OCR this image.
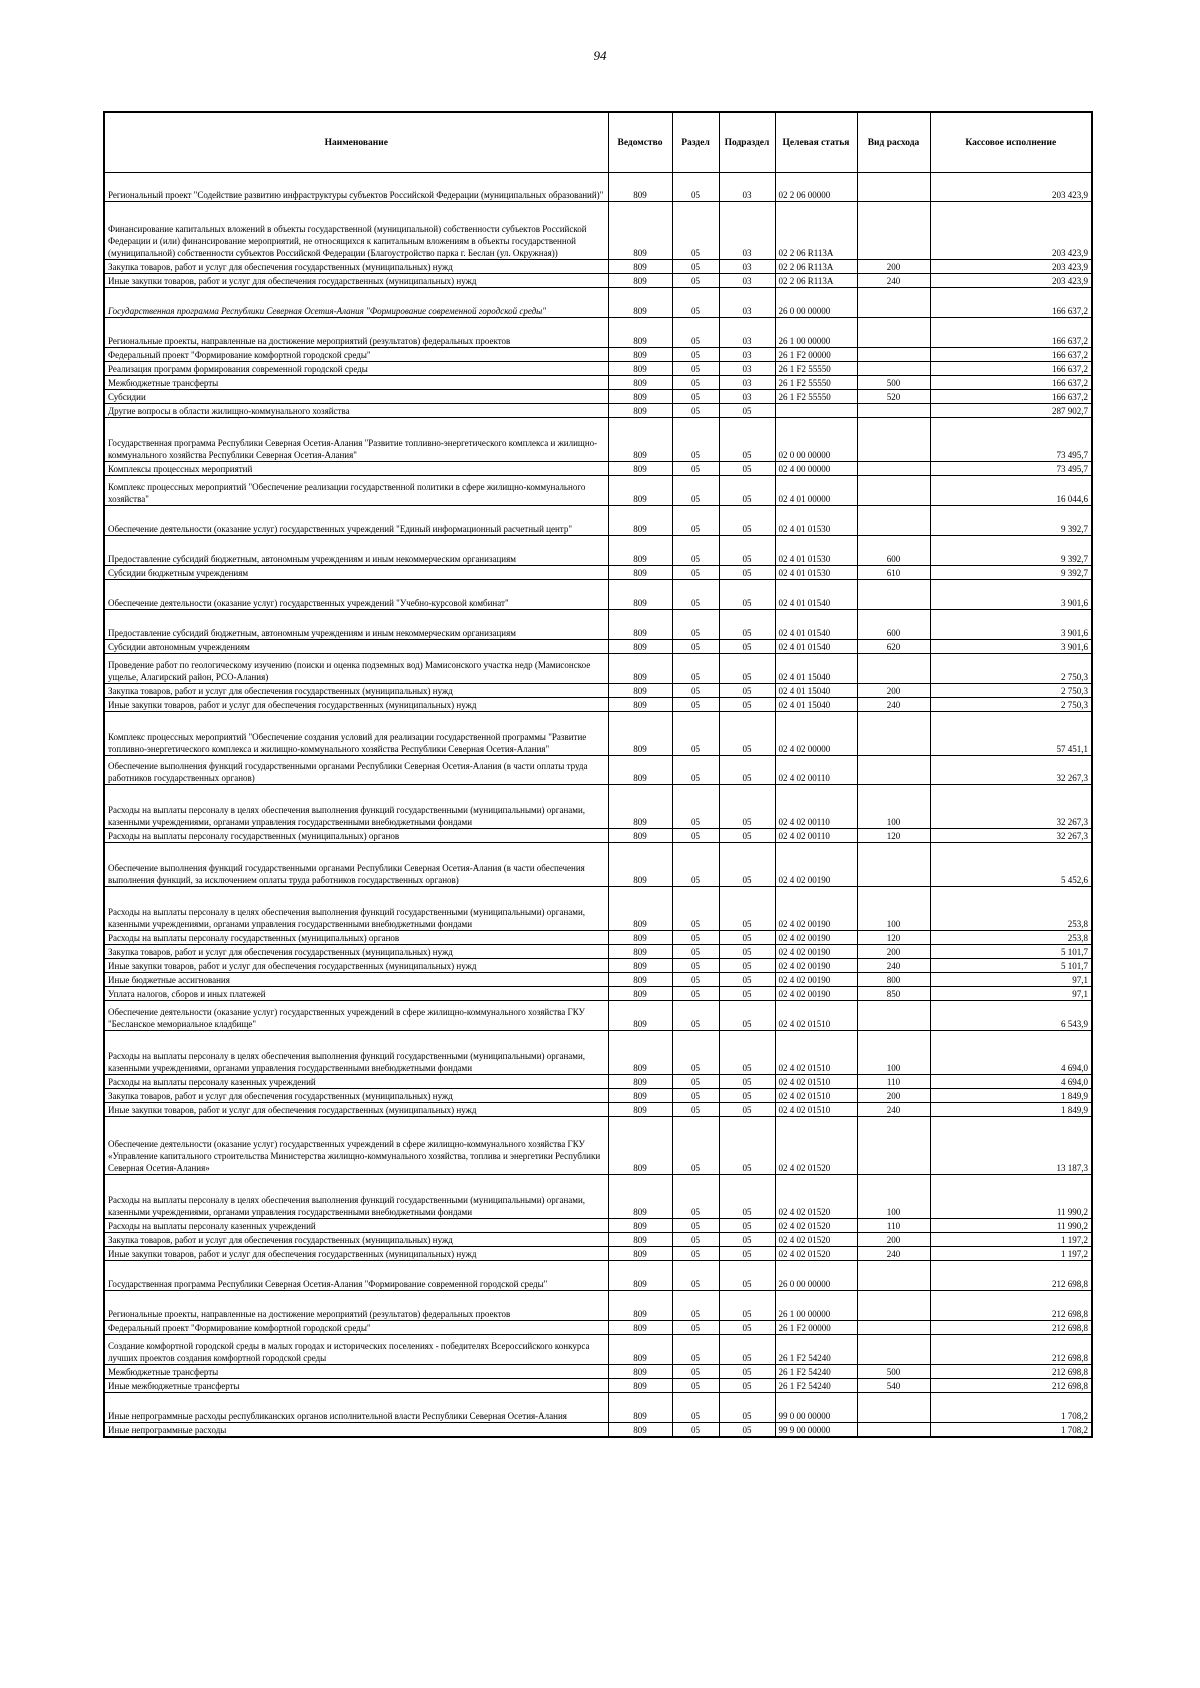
94
Наименование	Ведомство	Раздел	Подраздел	Целевая статья	Вид расхода	Кассовое исполнение
Региональный проект "Содействие развитию инфраструктуры субъектов Российской Федерации (муниципальных образований)"	809	05	03	02 2 06 00000		203 423,9
Финансирование капитальных вложений в объекты государственной (муниципальной) собственности субъектов Российской Федерации и (или) финансирование мероприятий, не относящихся к капитальным вложениям в объекты государственной (муниципальной) собственности субъектов Российской Федерации (Благоустройство парка г. Беслан (ул. Окружная))	809	05	03	02 2 06 R113A		203 423,9
Закупка товаров, работ и услуг для обеспечения государственных (муниципальных) нужд	809	05	03	02 2 06 R113A	200	203 423,9
Иные закупки товаров, работ и услуг для обеспечения государственных (муниципальных) нужд	809	05	03	02 2 06 R113A	240	203 423,9
Государственная программа Республики Северная Осетия-Алания "Формирование современной городской среды"	809	05	03	26 0 00 00000		166 637,2
Региональные проекты, направленные на достижение мероприятий (результатов) федеральных проектов	809	05	03	26 1 00 00000		166 637,2
Федеральный проект "Формирование комфортной городской среды"	809	05	03	26 1 F2 00000		166 637,2
Реализация программ формирования современной городской среды	809	05	03	26 1 F2 55550		166 637,2
Межбюджетные трансферты	809	05	03	26 1 F2 55550	500	166 637,2
Субсидии	809	05	03	26 1 F2 55550	520	166 637,2
Другие вопросы в области жилищно-коммунального хозяйства	809	05	05			287 902,7
Государственная программа Республики Северная Осетия-Алания "Развитие топливно-энергетического комплекса и жилищно-коммунального хозяйства Республики Северная Осетия-Алания"	809	05	05	02 0 00 00000		73 495,7
Комплексы процессных мероприятий	809	05	05	02 4 00 00000		73 495,7
Комплекс процессных мероприятий "Обеспечение реализации государственной политики в сфере жилищно-коммунального хозяйства"	809	05	05	02 4 01 00000		16 044,6
Обеспечение деятельности (оказание услуг) государственных учреждений "Единый информационный расчетный центр"	809	05	05	02 4 01 01530		9 392,7
Предоставление субсидий бюджетным, автономным учреждениям и иным некоммерческим организациям	809	05	05	02 4 01 01530	600	9 392,7
Субсидии бюджетным учреждениям	809	05	05	02 4 01 01530	610	9 392,7
Обеспечение деятельности (оказание услуг) государственных учреждений "Учебно-курсовой комбинат"	809	05	05	02 4 01 01540		3 901,6
Предоставление субсидий бюджетным, автономным учреждениям и иным некоммерческим организациям	809	05	05	02 4 01 01540	600	3 901,6
Субсидии автономным учреждениям	809	05	05	02 4 01 01540	620	3 901,6
Проведение работ по геологическому изучению (поиски и оценка подземных вод) Мамисонского участка недр (Мамисонское ущелье, Алагирский район, РСО-Алания)	809	05	05	02 4 01 15040		2 750,3
Закупка товаров, работ и услуг для обеспечения государственных (муниципальных) нужд	809	05	05	02 4 01 15040	200	2 750,3
Иные закупки товаров, работ и услуг для обеспечения государственных (муниципальных) нужд	809	05	05	02 4 01 15040	240	2 750,3
Комплекс процессных мероприятий "Обеспечение создания условий для реализации государственной программы "Развитие топливно-энергетического комплекса и жилищно-коммунального хозяйства Республики Северная Осетия-Алания"	809	05	05	02 4 02 00000		57 451,1
Обеспечение выполнения функций государственными органами Республики Северная Осетия-Алания (в части оплаты труда работников государственных органов)	809	05	05	02 4 02 00110		32 267,3
Расходы на выплаты персоналу в целях обеспечения выполнения функций государственными (муниципальными) органами, казенными учреждениями, органами управления государственными внебюджетными фондами	809	05	05	02 4 02 00110	100	32 267,3
Расходы на выплаты персоналу государственных (муниципальных) органов	809	05	05	02 4 02 00110	120	32 267,3
Обеспечение выполнения функций государственными органами Республики Северная Осетия-Алания (в части обеспечения выполнения функций, за исключением оплаты труда работников государственных органов)	809	05	05	02 4 02 00190		5 452,6
Расходы на выплаты персоналу в целях обеспечения выполнения функций государственными (муниципальными) органами, казенными учреждениями, органами управления государственными внебюджетными фондами	809	05	05	02 4 02 00190	100	253,8
Расходы на выплаты персоналу государственных (муниципальных) органов	809	05	05	02 4 02 00190	120	253,8
Закупка товаров, работ и услуг для обеспечения государственных (муниципальных) нужд	809	05	05	02 4 02 00190	200	5 101,7
Иные закупки товаров, работ и услуг для обеспечения государственных (муниципальных) нужд	809	05	05	02 4 02 00190	240	5 101,7
Иные бюджетные ассигнования	809	05	05	02 4 02 00190	800	97,1
Уплата налогов, сборов и иных платежей	809	05	05	02 4 02 00190	850	97,1
Обеспечение деятельности (оказание услуг) государственных учреждений в сфере жилищно-коммунального хозяйства ГКУ "Бесланское мемориальное кладбище"	809	05	05	02 4 02 01510		6 543,9
Расходы на выплаты персоналу в целях обеспечения выполнения функций государственными (муниципальными) органами, казенными учреждениями, органами управления государственными внебюджетными фондами	809	05	05	02 4 02 01510	100	4 694,0
Расходы на выплаты персоналу казенных учреждений	809	05	05	02 4 02 01510	110	4 694,0
Закупка товаров, работ и услуг для обеспечения государственных (муниципальных) нужд	809	05	05	02 4 02 01510	200	1 849,9
Иные закупки товаров, работ и услуг для обеспечения государственных (муниципальных) нужд	809	05	05	02 4 02 01510	240	1 849,9
Обеспечение деятельности (оказание услуг) государственных учреждений в сфере жилищно-коммунального хозяйства ГКУ «Управление капитального строительства Министерства жилищно-коммунального хозяйства, топлива и энергетики Республики Северная Осетия-Алания»	809	05	05	02 4 02 01520		13 187,3
Расходы на выплаты персоналу в целях обеспечения выполнения функций государственными (муниципальными) органами, казенными учреждениями, органами управления государственными внебюджетными фондами	809	05	05	02 4 02 01520	100	11 990,2
Расходы на выплаты персоналу казенных учреждений	809	05	05	02 4 02 01520	110	11 990,2
Закупка товаров, работ и услуг для обеспечения государственных (муниципальных) нужд	809	05	05	02 4 02 01520	200	1 197,2
Иные закупки товаров, работ и услуг для обеспечения государственных (муниципальных) нужд	809	05	05	02 4 02 01520	240	1 197,2
Государственная программа Республики Северная Осетия-Алания "Формирование современной городской среды"	809	05	05	26 0 00 00000		212 698,8
Региональные проекты, направленные на достижение мероприятий (результатов) федеральных проектов	809	05	05	26 1 00 00000		212 698,8
Федеральный проект "Формирование комфортной городской среды"	809	05	05	26 1 F2 00000		212 698,8
Создание комфортной городской среды в малых городах и исторических поселениях - победителях Всероссийского конкурса лучших проектов создания комфортной городской среды	809	05	05	26 1 F2 54240		212 698,8
Межбюджетные трансферты	809	05	05	26 1 F2 54240	500	212 698,8
Иные межбюджетные трансферты	809	05	05	26 1 F2 54240	540	212 698,8
Иные непрограммные расходы республиканских органов исполнительной власти Республики Северная Осетия-Алания	809	05	05	99 0 00 00000		1 708,2
Иные непрограммные расходы	809	05	05	99 9 00 00000		1 708,2
